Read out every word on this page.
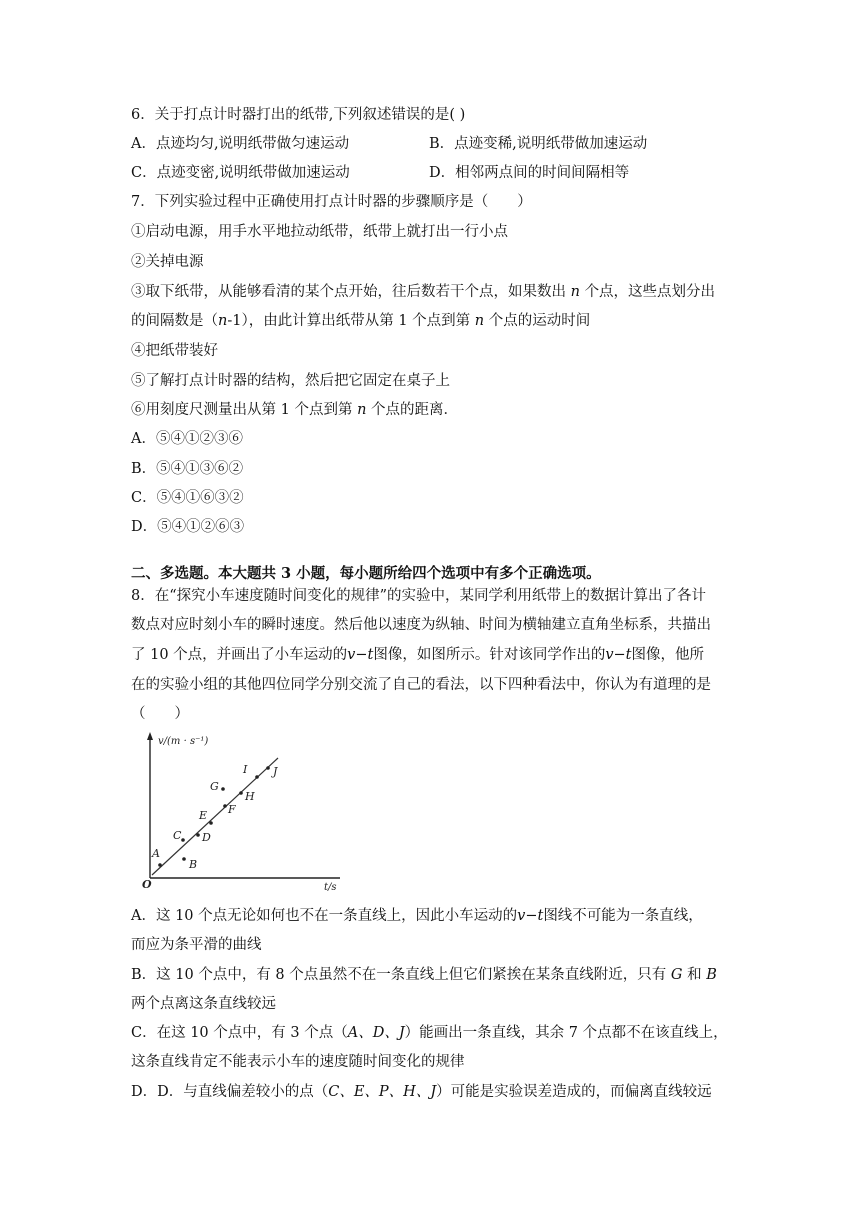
6．关于打点计时器打出的纸带,下列叙述错误的是( )
A．点迹均匀,说明纸带做匀速运动	B．点迹变稀,说明纸带做加速运动
C．点迹变密,说明纸带做加速运动	D．相邻两点间的时间间隔相等
7．下列实验过程中正确使用打点计时器的步骤顺序是（　　）
①启动电源，用手水平地拉动纸带，纸带上就打出一行小点
②关掉电源
③取下纸带，从能够看清的某个点开始，往后数若干个点，如果数出 n 个点，这些点划分出
的间隔数是（n-1），由此计算出纸带从第 1 个点到第 n 个点的运动时间
④把纸带装好
⑤了解打点计时器的结构，然后把它固定在桌子上
⑥用刻度尺测量出从第 1 个点到第 n 个点的距离．
A．⑤④①②③⑥
B．⑤④①③⑥②
C．⑤④①⑥③②
D．⑤④①②⑥③
二、多选题。本大题共 3 小题，每小题所给四个选项中有多个正确选项。
8．在“探究小车速度随时间变化的规律”的实验中，某同学利用纸带上的数据计算出了各计
数点对应时刻小车的瞬时速度。然后他以速度为纵轴、时间为横轴建立直角坐标系，共描出
了 10 个点，并画出了小车运动的v−t图像，如图所示。针对该同学作出的v−t图像，他所
在的实验小组的其他四位同学分别交流了自己的看法，以下四种看法中，你认为有道理的是
（　　）
v/(m · s⁻¹)
t/s
O
A
B
C D
E F
G
H
I J
A．这 10 个点无论如何也不在一条直线上，因此小车运动的v−t图线不可能为一条直线，
而应为条平滑的曲线
B．这 10 个点中，有 8 个点虽然不在一条直线上但它们紧挨在某条直线附近，只有 G 和 B
两个点离这条直线较远
C．在这 10 个点中，有 3 个点（A、D、J）能画出一条直线，其余 7 个点都不在该直线上，
这条直线肯定不能表示小车的速度随时间变化的规律
D．D．与直线偏差较小的点（C、E、P、H、J）可能是实验误差造成的，而偏离直线较远
